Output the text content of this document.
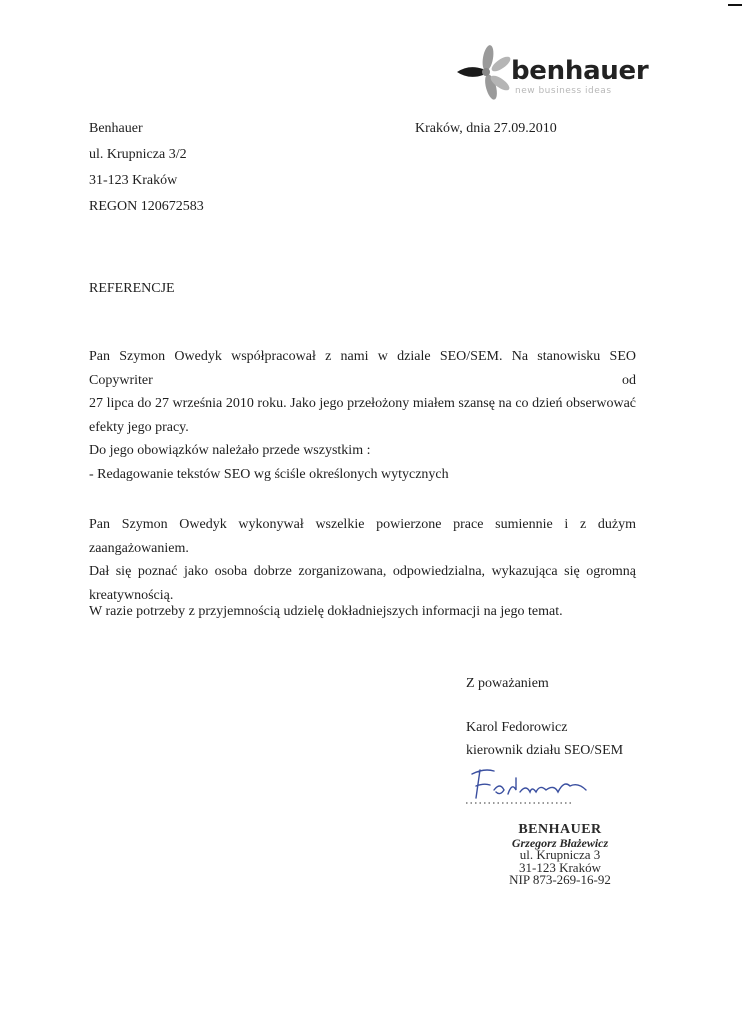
benhauer
new business ideas
Benhauer
ul. Krupnicza 3/2
31-123 Kraków
REGON 120672583
Kraków, dnia 27.09.2010
REFERENCJE
Pan Szymon Owedyk współpracował z nami w dziale SEO/SEM. Na stanowisku SEO Copywriter od
27 lipca do 27 września 2010 roku. Jako jego przełożony miałem szansę na co dzień obserwować
efekty jego pracy.
Do jego obowiązków należało przede wszystkim :
- Redagowanie tekstów SEO wg ściśle określonych wytycznych
Pan Szymon Owedyk wykonywał wszelkie powierzone prace sumiennie i z dużym zaangażowaniem.
Dał się poznać jako osoba dobrze zorganizowana, odpowiedzialna, wykazująca się ogromną
kreatywnością.
W razie potrzeby z przyjemnością udzielę dokładniejszych informacji na jego temat.
Z poważaniem
Karol Fedorowicz
kierownik działu SEO/SEM
BENHAUER
Grzegorz Błażewicz
ul. Krupnicza 3
31-123 Kraków
NIP 873-269-16-92
